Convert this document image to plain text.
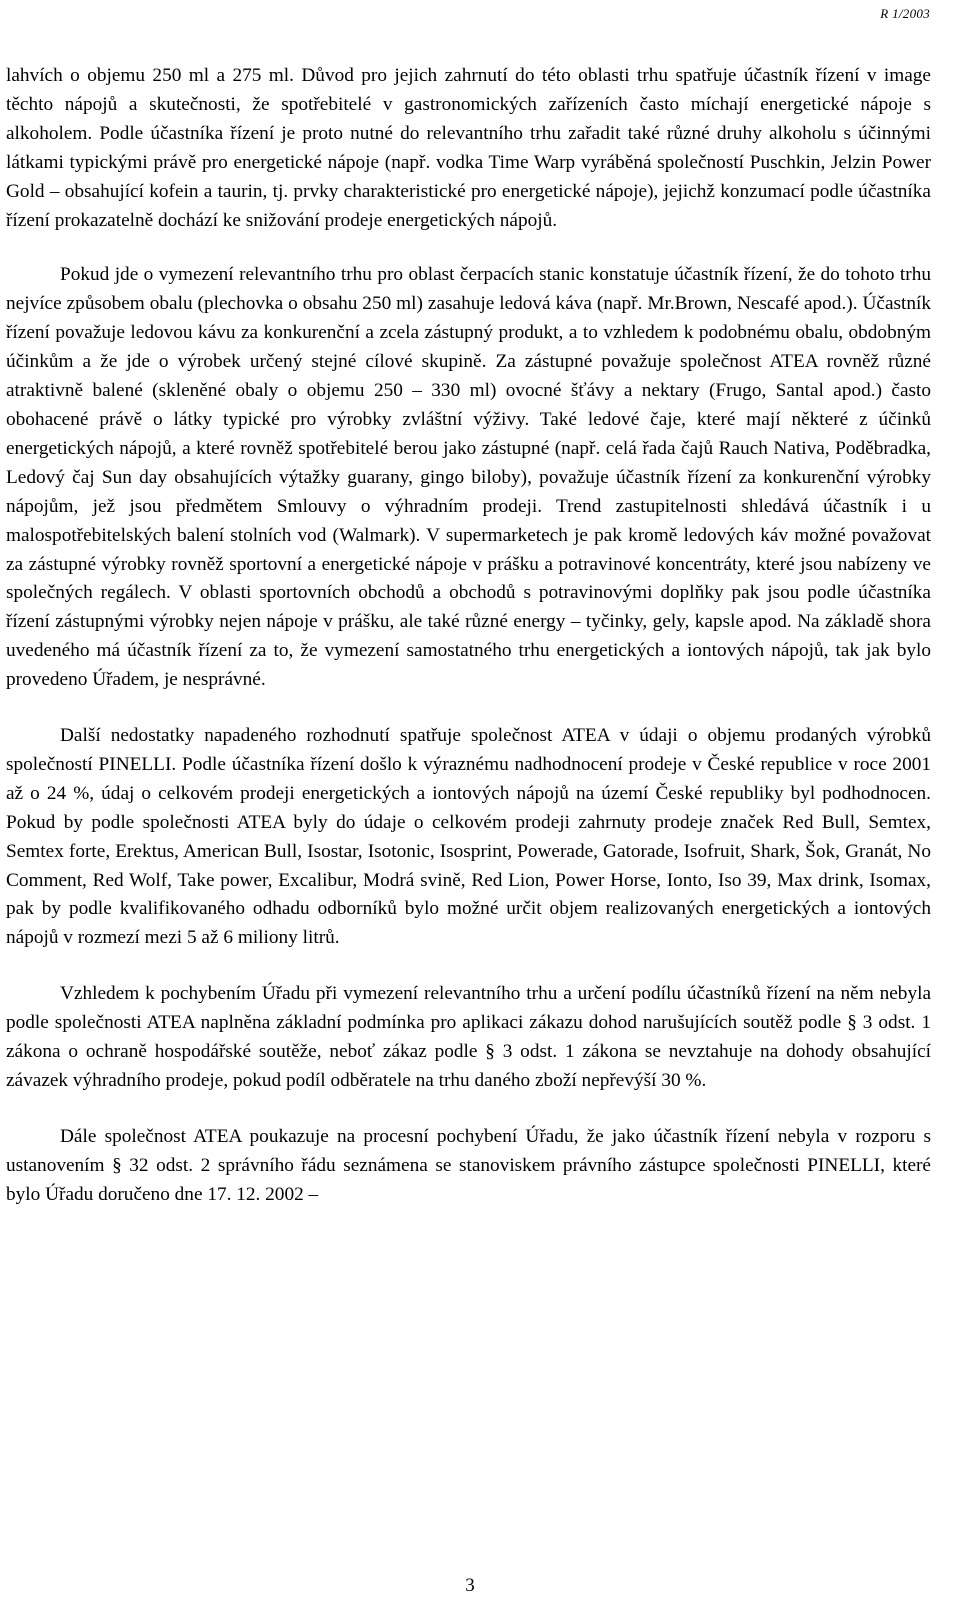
R 1/2003

lahvích o objemu 250 ml a 275 ml. Důvod pro jejich zahrnutí do této oblasti trhu spatřuje účastník řízení v image těchto nápojů a skutečnosti, že spotřebitelé v gastronomických zařízeních často míchají energetické nápoje s alkoholem. Podle účastníka řízení je proto nutné do relevantního trhu zařadit také různé druhy alkoholu s účinnými látkami typickými právě pro energetické nápoje (např. vodka Time Warp vyráběná společností Puschkin, Jelzin Power Gold – obsahující kofein a taurin, tj. prvky charakteristické pro energetické nápoje), jejichž konzumací podle účastníka řízení prokazatelně dochází ke snižování prodeje energetických nápojů.

Pokud jde o vymezení relevantního trhu pro oblast čerpacích stanic konstatuje účastník řízení, že do tohoto trhu nejvíce způsobem obalu (plechovka o obsahu 250 ml) zasahuje ledová káva (např. Mr.Brown, Nescafé apod.). Účastník řízení považuje ledovou kávu za konkurenční a zcela zástupný produkt, a to vzhledem k podobnému obalu, obdobným účinkům a že jde o výrobek určený stejné cílové skupině. Za zástupné považuje společnost ATEA rovněž různé atraktivně balené (skleněné obaly o objemu 250 – 330 ml) ovocné šťávy a nektary (Frugo, Santal apod.) často obohacené právě o látky typické pro výrobky zvláštní výživy. Také ledové čaje, které mají některé z účinků energetických nápojů, a které rovněž spotřebitelé berou jako zástupné (např. celá řada čajů Rauch Nativa, Poděbradka, Ledový čaj Sun day obsahujících výtažky guarany, gingo biloby), považuje účastník řízení za konkurenční výrobky nápojům, jež jsou předmětem Smlouvy o výhradním prodeji. Trend zastupitelnosti shledává účastník i u malospotřebitelských balení stolních vod (Walmark). V supermarketech je pak kromě ledových káv možné považovat za zástupné výrobky rovněž sportovní a energetické nápoje v prášku a potravinové koncentráty, které jsou nabízeny ve společných regálech. V oblasti sportovních obchodů a obchodů s potravinovými doplňky pak jsou podle účastníka řízení zástupnými výrobky nejen nápoje v prášku, ale také různé energy – tyčinky, gely, kapsle apod. Na základě shora uvedeného má účastník řízení za to, že vymezení samostatného trhu energetických a iontových nápojů, tak jak bylo provedeno Úřadem, je nesprávné.

Další nedostatky napadeného rozhodnutí spatřuje společnost ATEA v údaji o objemu prodaných výrobků společností PINELLI. Podle účastníka řízení došlo k výraznému nadhodnocení prodeje v České republice v roce 2001 až o 24 %, údaj o celkovém prodeji energetických a iontových nápojů na území České republiky byl podhodnocen. Pokud by podle společnosti ATEA byly do údaje o celkovém prodeji zahrnuty prodeje značek Red Bull, Semtex, Semtex forte, Erektus, American Bull, Isostar, Isotonic, Isosprint, Powerade, Gatorade, Isofruit, Shark, Šok, Granát, No Comment, Red Wolf, Take power, Excalibur, Modrá svině, Red Lion, Power Horse, Ionto, Iso 39, Max drink, Isomax, pak by podle kvalifikovaného odhadu odborníků bylo možné určit objem realizovaných energetických a iontových nápojů v rozmezí mezi 5 až 6 miliony litrů.

Vzhledem k pochybením Úřadu při vymezení relevantního trhu a určení podílu účastníků řízení na něm nebyla podle společnosti ATEA naplněna základní podmínka pro aplikaci zákazu dohod narušujících soutěž podle § 3 odst. 1 zákona o ochraně hospodářské soutěže, neboť zákaz podle § 3 odst. 1 zákona se nevztahuje na dohody obsahující závazek výhradního prodeje, pokud podíl odběratele na trhu daného zboží nepřevýší 30 %.

Dále společnost ATEA poukazuje na procesní pochybení Úřadu, že jako účastník řízení nebyla v rozporu s ustanovením § 32 odst. 2 správního řádu seznámena se stanoviskem právního zástupce společnosti PINELLI, které bylo Úřadu doručeno dne 17. 12. 2002 –

3
